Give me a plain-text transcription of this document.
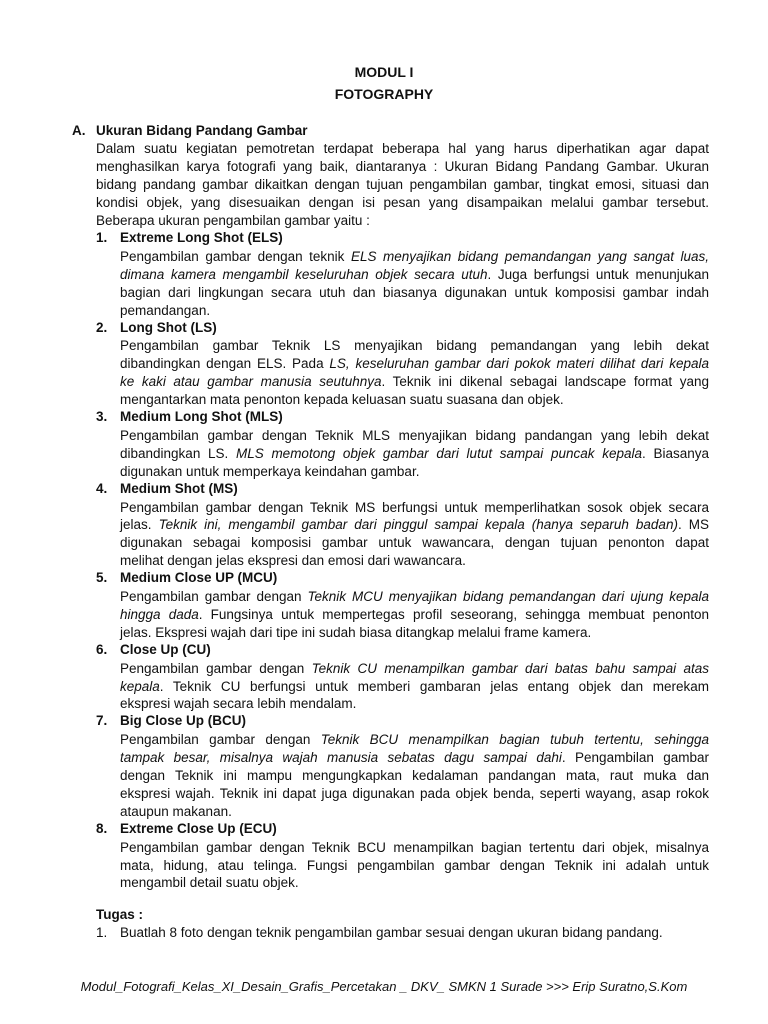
MODUL I
FOTOGRAPHY
A. Ukuran Bidang Pandang Gambar
Dalam suatu kegiatan pemotretan terdapat beberapa hal yang harus diperhatikan agar dapat
menghasilkan karya fotografi yang baik, diantaranya : Ukuran Bidang Pandang Gambar. Ukuran
bidang pandang gambar dikaitkan dengan tujuan pengambilan gambar, tingkat emosi, situasi dan
kondisi objek, yang disesuaikan dengan isi pesan yang disampaikan melalui gambar tersebut.
Beberapa ukuran pengambilan gambar yaitu :
1. Extreme Long Shot (ELS)
Pengambilan gambar dengan teknik ELS menyajikan bidang pemandangan yang sangat luas,
dimana kamera mengambil keseluruhan objek secara utuh. Juga berfungsi untuk menunjukan
bagian dari lingkungan secara utuh dan biasanya digunakan untuk komposisi gambar indah
pemandangan.
2. Long Shot (LS)
Pengambilan gambar Teknik LS menyajikan bidang pemandangan yang lebih dekat
dibandingkan dengan ELS. Pada LS, keseluruhan gambar dari pokok materi dilihat dari kepala
ke kaki atau gambar manusia seutuhnya. Teknik ini dikenal sebagai landscape format yang
mengantarkan mata penonton kepada keluasan suatu suasana dan objek.
3. Medium Long Shot (MLS)
Pengambilan gambar dengan Teknik MLS menyajikan bidang pandangan yang lebih dekat
dibandingkan LS. MLS memotong objek gambar dari lutut sampai puncak kepala. Biasanya
digunakan untuk memperkaya keindahan gambar.
4. Medium Shot (MS)
Pengambilan gambar dengan Teknik MS berfungsi untuk memperlihatkan sosok objek secara
jelas. Teknik ini, mengambil gambar dari pinggul sampai kepala (hanya separuh badan). MS
digunakan sebagai komposisi gambar untuk wawancara, dengan tujuan penonton dapat
melihat dengan jelas ekspresi dan emosi dari wawancara.
5. Medium Close UP (MCU)
Pengambilan gambar dengan Teknik MCU menyajikan bidang pemandangan dari ujung kepala
hingga dada. Fungsinya untuk mempertegas profil seseorang, sehingga membuat penonton
jelas. Ekspresi wajah dari tipe ini sudah biasa ditangkap melalui frame kamera.
6. Close Up (CU)
Pengambilan gambar dengan Teknik CU menampilkan gambar dari batas bahu sampai atas
kepala. Teknik CU berfungsi untuk memberi gambaran jelas entang objek dan merekam
ekspresi wajah secara lebih mendalam.
7. Big Close Up (BCU)
Pengambilan gambar dengan Teknik BCU menampilkan bagian tubuh tertentu, sehingga
tampak besar, misalnya wajah manusia sebatas dagu sampai dahi. Pengambilan gambar
dengan Teknik ini mampu mengungkapkan kedalaman pandangan mata, raut muka dan
ekspresi wajah. Teknik ini dapat juga digunakan pada objek benda, seperti wayang, asap rokok
ataupun makanan.
8. Extreme Close Up (ECU)
Pengambilan gambar dengan Teknik BCU menampilkan bagian tertentu dari objek, misalnya
mata, hidung, atau telinga. Fungsi pengambilan gambar dengan Teknik ini adalah untuk
mengambil detail suatu objek.
Tugas :
1. Buatlah 8 foto dengan teknik pengambilan gambar sesuai dengan ukuran bidang pandang.
Modul_Fotografi_Kelas_XI_Desain_Grafis_Percetakan _ DKV_ SMKN 1 Surade >>> Erip Suratno,S.Kom
